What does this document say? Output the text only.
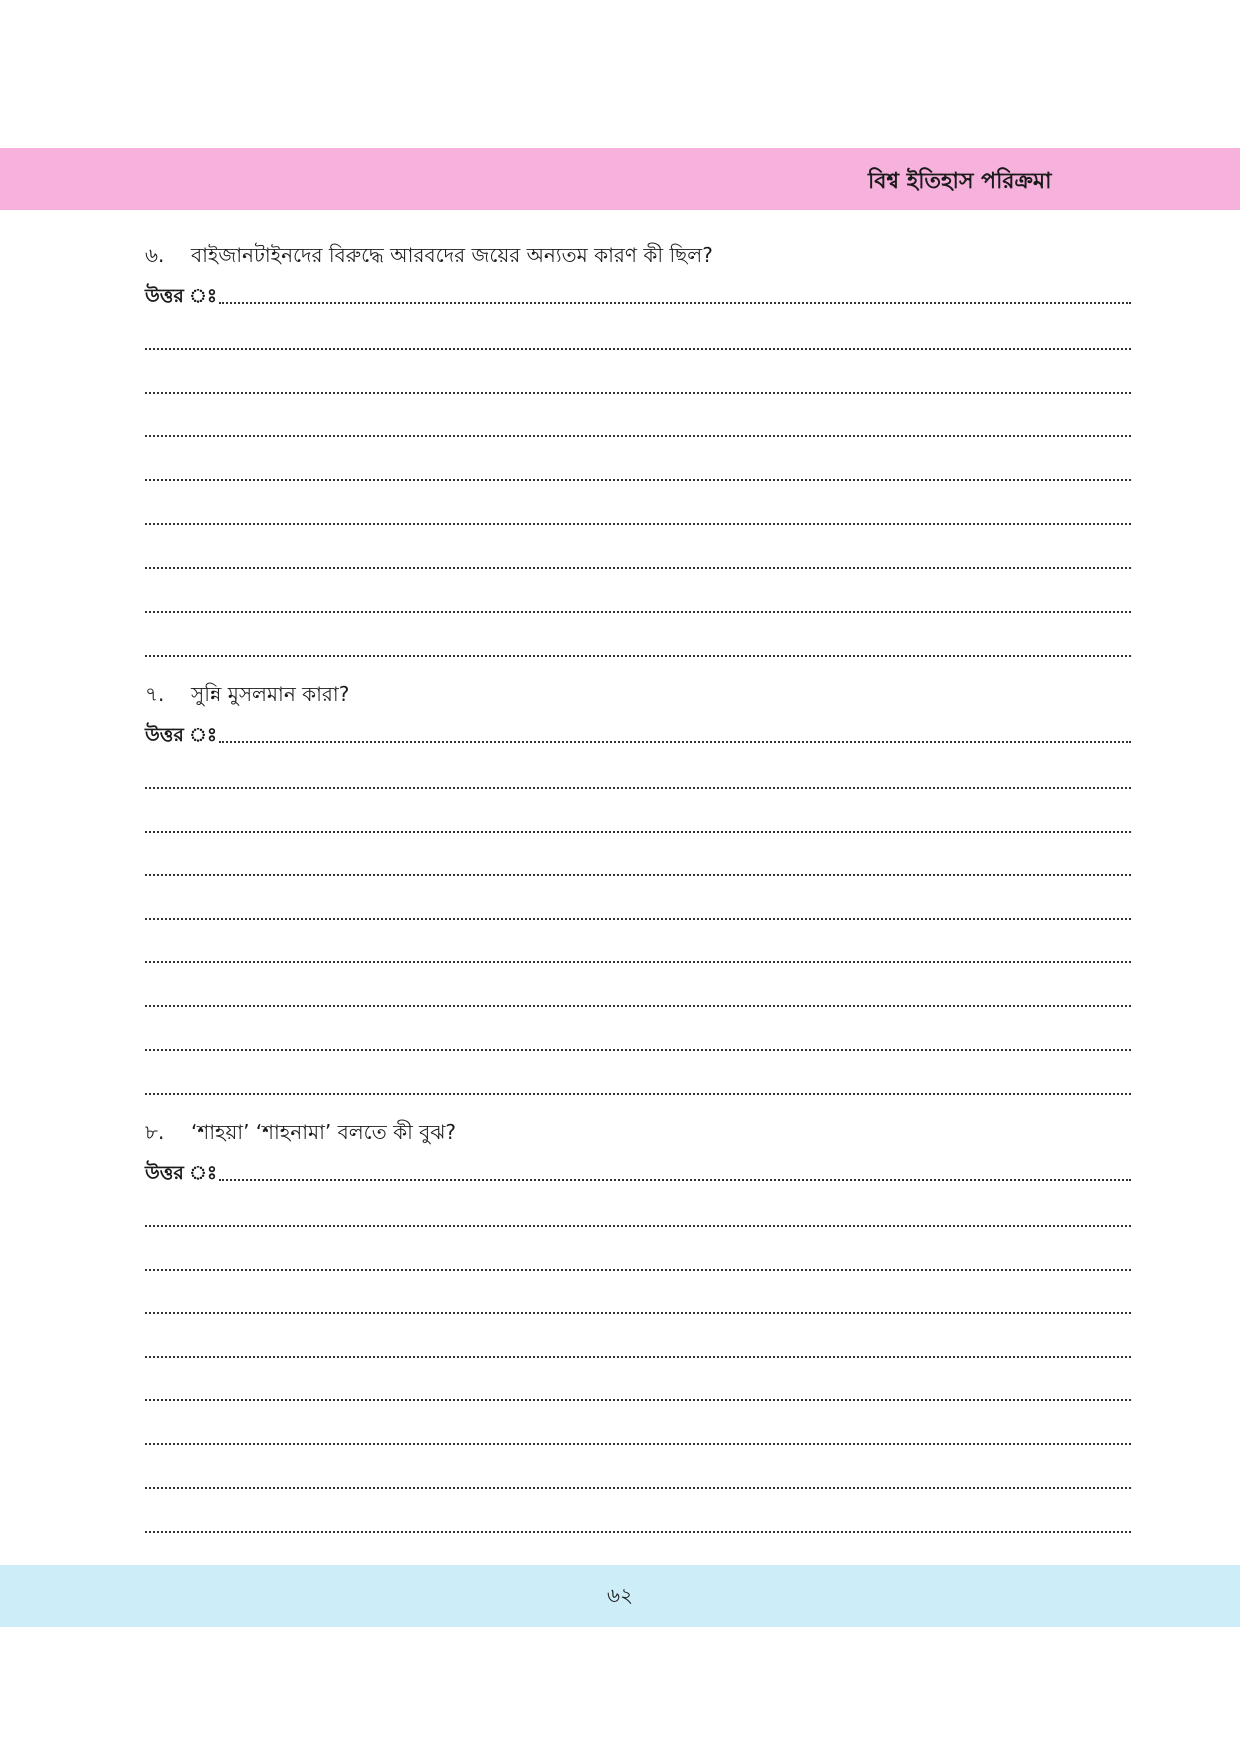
বিশ্ব ইতিহাস পরিক্রমা
৬. বাইজানটাইনদের বিরুদ্ধে আরবদের জয়ের অন্যতম কারণ কী ছিল?
উত্তর ঃ
৭. সুন্নি মুসলমান কারা?
উত্তর ঃ
৮. ‘শাহয়া’ ‘শাহনামা’ বলতে কী বুঝ?
উত্তর ঃ
৬২
